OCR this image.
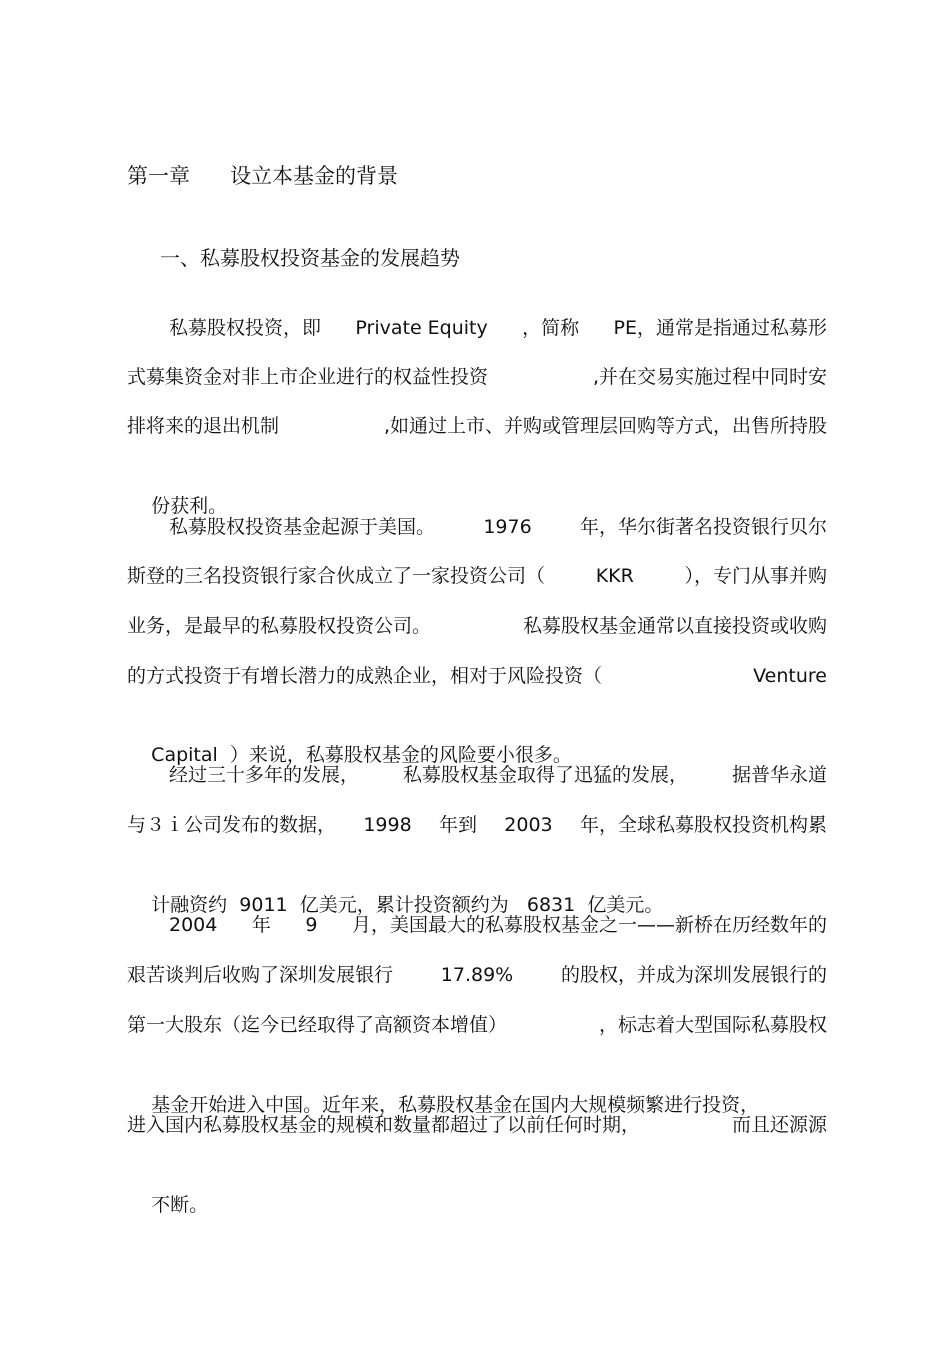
第一章 设立本基金的背景
一、私募股权投资基金的发展趋势
私募股权投资，即 Private Equity ，简称 PE，通常是指通过私募形
式募集资金对非上市企业进行的权益性投资	,并在交易实施过程中同时安
排将来的退出机制	,如通过上市、并购或管理层回购等方式，出售所持股

份获利。

私募股权投资基金起源于美国。	1976	年，华尔街著名投资银行贝尔
斯登的三名投资银行家合伙成立了一家投资公司（	KKR	），专门从事并购
业务，是最早的私募股权投资公司。	私募股权基金通常以直接投资或收购
的方式投资于有增长潜力的成熟企业，相对于风险投资（	Venture

Capital ）来说，私募股权基金的风险要小很多。

经过三十多年的发展， 私募股权基金取得了迅猛的发展， 据普华永道
与３ｉ公司发布的数据， 1998 年到 2003 年，全球私募股权投资机构累

计融资约 9011 亿美元，累计投资额约为 6831 亿美元。

2004 年 9 月，美国最大的私募股权基金之一——新桥在历经数年的
艰苦谈判后收购了深圳发展银行	17.89%	的股权，并成为深圳发展银行的
第一大股东（迄今已经取得了高额资本增值）	，标志着大型国际私募股权

基金开始进入中国。近年来，私募股权基金在国内大规模频繁进行投资，

进入国内私募股权基金的规模和数量都超过了以前任何时期，	而且还源源

不断。
